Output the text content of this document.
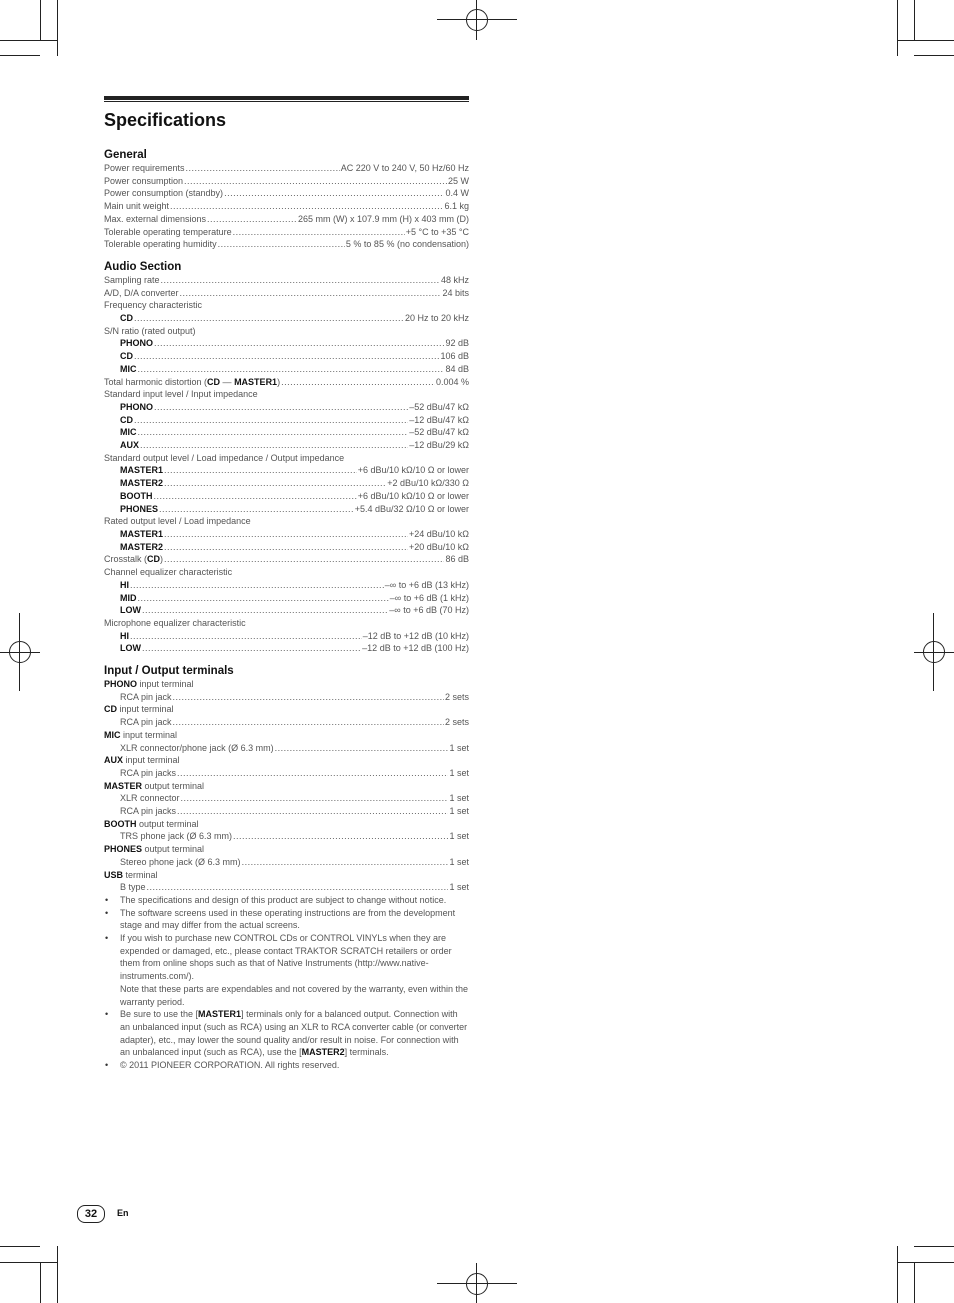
Specifications
General
Power requirements .....	AC 220 V to 240 V, 50 Hz/60 Hz
Power consumption .....	25 W
Power consumption (standby) .....	0.4 W
Main unit weight .....	6.1 kg
Max. external dimensions .....	265 mm (W) x 107.9 mm (H) x 403 mm (D)
Tolerable operating temperature .....	+5 °C to +35 °C
Tolerable operating humidity .....	5 % to 85 % (no condensation)
Audio Section
Sampling rate .....	48 kHz
A/D, D/A converter .....	24 bits
Frequency characteristic
CD .....	20 Hz to 20 kHz
S/N ratio (rated output)
PHONO .....	92 dB
CD .....	106 dB
MIC .....	84 dB
Total harmonic distortion (CD — MASTER1) .....	0.004 %
Standard input level / Input impedance
PHONO .....	–52 dBu/47 kΩ
CD .....	–12 dBu/47 kΩ
MIC .....	–52 dBu/47 kΩ
AUX .....	–12 dBu/29 kΩ
Standard output level / Load impedance / Output impedance
MASTER1 .....	+6 dBu/10 kΩ/10 Ω or lower
MASTER2 .....	+2 dBu/10 kΩ/330 Ω
BOOTH .....	+6 dBu/10 kΩ/10 Ω or lower
PHONES .....	+5.4 dBu/32 Ω/10 Ω or lower
Rated output level / Load impedance
MASTER1 .....	+24 dBu/10 kΩ
MASTER2 .....	+20 dBu/10 kΩ
Crosstalk (CD) .....	86 dB
Channel equalizer characteristic
HI .....	–∞ to +6 dB (13 kHz)
MID .....	–∞ to +6 dB (1 kHz)
LOW .....	–∞ to +6 dB (70 Hz)
Microphone equalizer characteristic
HI .....	–12 dB to +12 dB (10 kHz)
LOW .....	–12 dB to +12 dB (100 Hz)
Input / Output terminals
PHONO input terminal
RCA pin jack .....	2 sets
CD input terminal
RCA pin jack .....	2 sets
MIC input terminal
XLR connector/phone jack (Ø 6.3 mm) .....	1 set
AUX input terminal
RCA pin jacks .....	1 set
MASTER output terminal
XLR connector .....	1 set
RCA pin jacks .....	1 set
BOOTH output terminal
TRS phone jack (Ø 6.3 mm) .....	1 set
PHONES output terminal
Stereo phone jack (Ø 6.3 mm) .....	1 set
USB terminal
B type .....	1 set
• The specifications and design of this product are subject to change without notice.
• The software screens used in these operating instructions are from the development stage and may differ from the actual screens.
• If you wish to purchase new CONTROL CDs or CONTROL VINYLs when they are expended or damaged, etc., please contact TRAKTOR SCRATCH retailers or order them from online shops such as that of Native Instruments (http://www.native-instruments.com/).
Note that these parts are expendables and not covered by the warranty, even within the warranty period.
• Be sure to use the [MASTER1] terminals only for a balanced output. Connection with an unbalanced input (such as RCA) using an XLR to RCA converter cable (or converter adapter), etc., may lower the sound quality and/or result in noise. For connection with an unbalanced input (such as RCA), use the [MASTER2] terminals.
• © 2011 PIONEER CORPORATION. All rights reserved.
32	En
